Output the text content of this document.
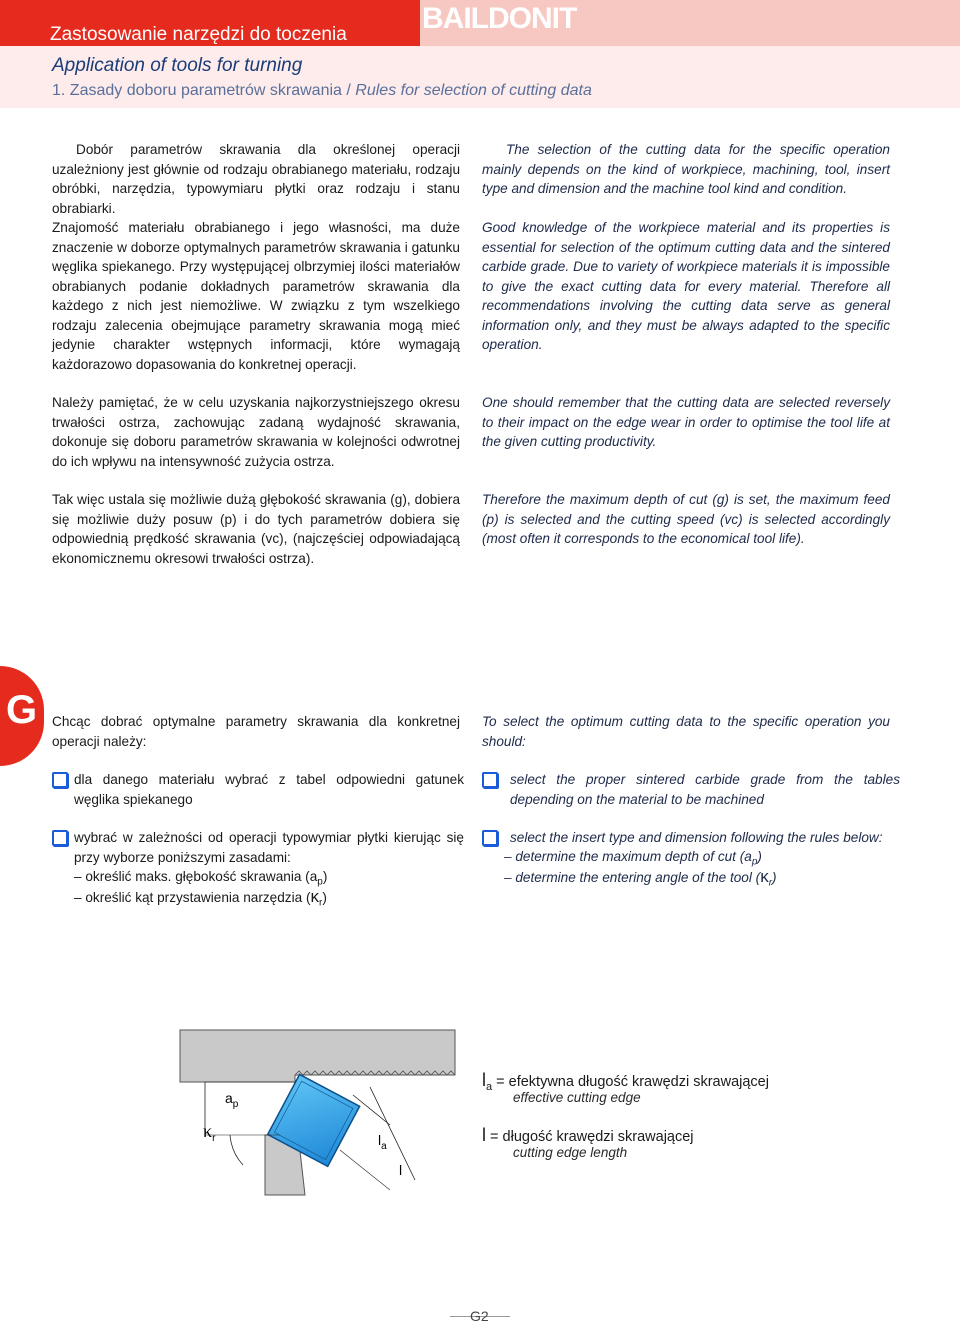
Zastosowanie narzędzi do toczenia	BAILDONIT
Application of tools for turning
1. Zasady doboru parametrów skrawania / Rules for selection of cutting data

Dobór parametrów skrawania dla określonej operacji uzależniony jest głównie od rodzaju obrabianego materiału, rodzaju obróbki, narzędzia, typowymiaru płytki oraz rodzaju i stanu obrabiarki.

Znajomość materiału obrabianego i jego własności, ma duże znaczenie w doborze optymalnych parametrów skrawania i gatunku węglika spiekanego. Przy występującej olbrzymiej ilości materiałów obrabianych podanie dokładnych parametrów skrawania dla każdego z nich jest niemożliwe. W związku z tym wszelkiego rodzaju zalecenia obejmujące parametry skrawania mogą mieć jedynie charakter wstępnych informacji, które wymagają każdorazowo dopasowania do konkretnej operacji.

Należy pamiętać, że w celu uzyskania najkorzystniejszego okresu trwałości ostrza, zachowując zadaną wydajność skrawania, dokonuje się doboru parametrów skrawania w kolejności odwrotnej do ich wpływu na intensywność zużycia ostrza.

Tak więc ustala się możliwie dużą głębokość skrawania (g), dobiera się możliwie duży posuw (p) i do tych parametrów dobiera się odpowiednią prędkość skrawania (vc), (najczęściej odpowiadającą ekonomicznemu okresowi trwałości ostrza).

The selection of the cutting data for the specific operation mainly depends on the kind of workpiece, machining, tool, insert type and dimension and the machine tool kind and condition.

Good knowledge of the workpiece material and its properties is essential for selection of the optimum cutting data and the sintered carbide grade. Due to variety of workpiece materials it is impossible to give the exact cutting data for every material. Therefore all recommendations involving the cutting data serve as general information only, and they must be always adapted to the specific operation.

One should remember that the cutting data are selected reversely to their impact on the edge wear in order to optimise the tool life at the given cutting productivity.

Therefore the maximum depth of cut (g) is set, the maximum feed (p) is selected and the cutting speed (vc) is selected accordingly (most often it corresponds to the economical tool life).

G Chcąc dobrać optymalne parametry skrawania dla konkretnej operacji należy:

To select the optimum cutting data to the specific operation you should:

dla danego materiału wybrać z tabel odpowiedni gatunek węglika spiekanego
select the proper sintered carbide grade from the tables depending on the material to be machined
wybrać w zależności od operacji typowymiar płytki kierując się przy wyborze poniższymi zasadami:
select the insert type and dimension following the rules below:
– określić maks. głębokość skrawania $(a_p)$
– określić kąt przystawienia narzędzia $(\kappa_r)$
– determine the maximum depth of cut $(a_p)$
– determine the entering angle of the tool $(\kappa_r)$
$a_p$
$\kappa_r$	$l_a$
l
$l_a$ = efektywna długość krawędzi skrawającej
effective cutting edge
l = długość krawędzi skrawającej
cutting edge length
G2
